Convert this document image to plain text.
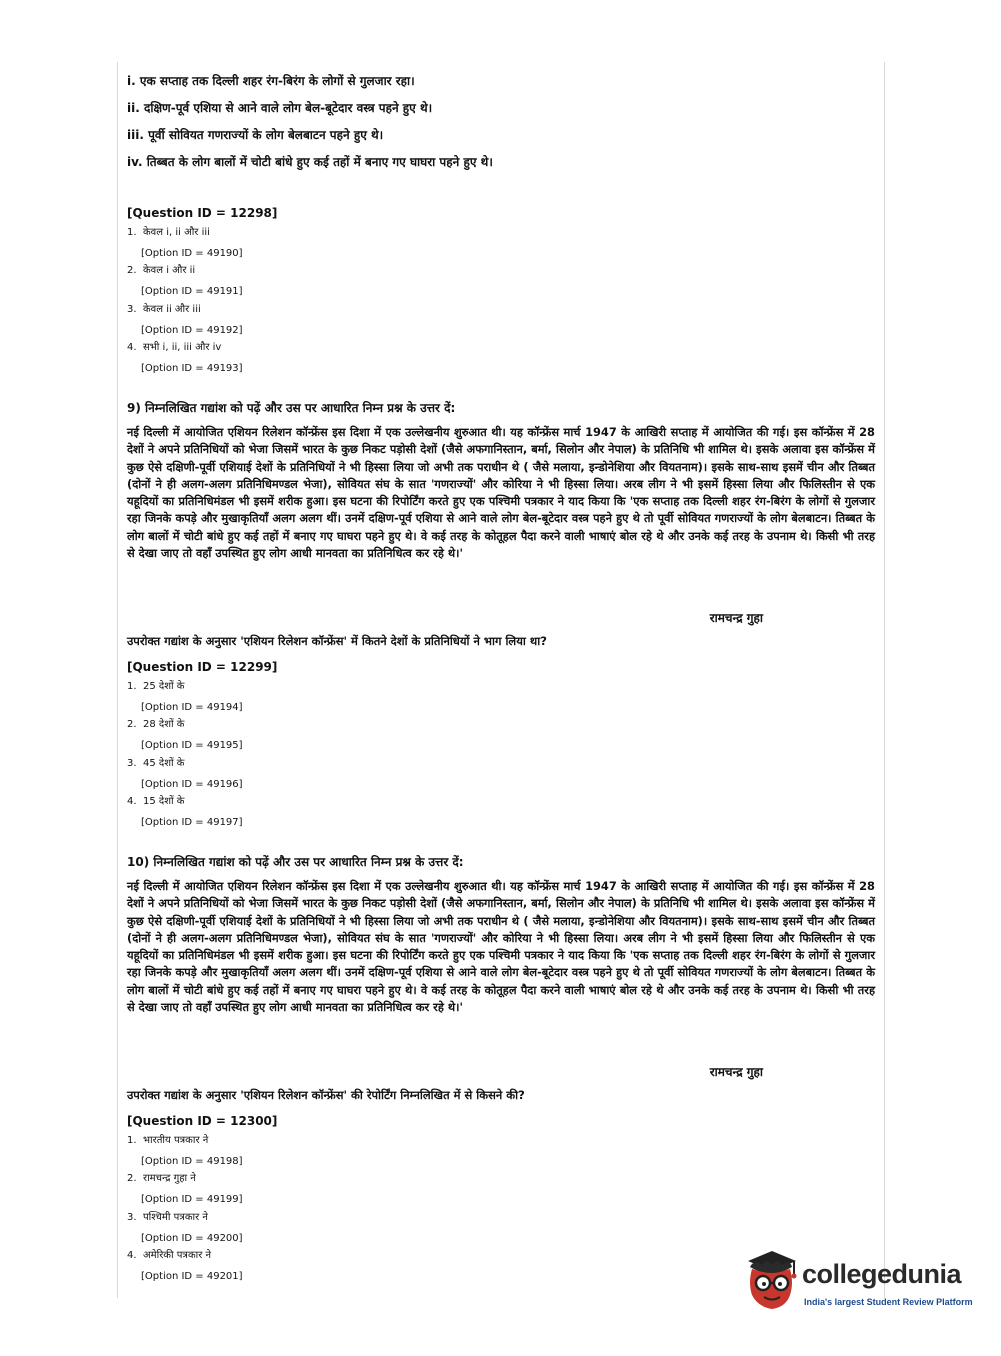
i. एक सप्ताह तक दिल्ली शहर रंग-बिरंग के लोगों से गुलजार रहा।
ii. दक्षिण-पूर्व एशिया से आने वाले लोग बेल-बूटेदार वस्त्र पहने हुए थे।
iii. पूर्वी सोवियत गणराज्यों के लोग बेलबाटन पहने हुए थे।
iv. तिब्बत के लोग बालों में चोटी बांधे हुए कई तहों में बनाए गए घाघरा पहने हुए थे।
[Question ID = 12298]
1. केवल i, ii और iii
[Option ID = 49190]
2. केवल i और ii
[Option ID = 49191]
3. केवल ii और iii
[Option ID = 49192]
4. सभी i, ii, iii और iv
[Option ID = 49193]
9) निम्नलिखित गद्यांश को पढ़ें और उस पर आधारित निम्न प्रश्न के उत्तर दें:
नई दिल्ली में आयोजित एशियन रिलेशन कॉन्फ्रेंस इस दिशा में एक उल्लेखनीय शुरुआत थी। यह कॉन्फ्रेंस मार्च 1947 के आखिरी सप्ताह में आयोजित की गई। इस कॉन्फ्रेंस में 28 देशों ने अपने प्रतिनिधियों को भेजा जिसमें भारत के कुछ निकट पड़ोसी देशों (जैसे अफगानिस्तान, बर्मा, सिलोन और नेपाल) के प्रतिनिधि भी शामिल थे। इसके अलावा इस कॉन्फ्रेंस में कुछ ऐसे दक्षिणी-पूर्वी एशियाई देशों के प्रतिनिधियों ने भी हिस्सा लिया जो अभी तक पराधीन थे ( जैसे मलाया, इन्डोनेशिया और वियतनाम)। इसके साथ-साथ इसमें चीन और तिब्बत (दोनों ने ही अलग-अलग प्रतिनिधिमण्डल भेजा), सोवियत संघ के सात 'गणराज्यों' और कोरिया ने भी हिस्सा लिया। अरब लीग ने भी इसमें हिस्सा लिया और फिलिस्तीन से एक यहूदियों का प्रतिनिधिमंडल भी इसमें शरीक हुआ। इस घटना की रिपोर्टिंग करते हुए एक पश्चिमी पत्रकार ने याद किया कि 'एक सप्ताह तक दिल्ली शहर रंग-बिरंग के लोगों से गुलजार रहा जिनके कपड़े और मुखाकृतियाँ अलग अलग थीं। उनमें दक्षिण-पूर्व एशिया से आने वाले लोग बेल-बूटेदार वस्त्र पहने हुए थे तो पूर्वी सोवियत गणराज्यों के लोग बेलबाटन। तिब्बत के लोग बालों में चोटी बांधे हुए कई तहों में बनाए गए घाघरा पहने हुए थे। वे कई तरह के कोतूहल पैदा करने वाली भाषाएं बोल रहे थे और उनके कई तरह के उपनाम थे। किसी भी तरह से देखा जाए तो वहाँ उपस्थित हुए लोग आधी मानवता का प्रतिनिधित्व कर रहे थे।'
रामचन्द्र गुहा
उपरोक्त गद्यांश के अनुसार 'एशियन रिलेशन कॉन्फ्रेंस' में कितने देशों के प्रतिनिधियों ने भाग लिया था?
[Question ID = 12299]
1. 25 देशों के
[Option ID = 49194]
2. 28 देशों के
[Option ID = 49195]
3. 45 देशों के
[Option ID = 49196]
4. 15 देशों के
[Option ID = 49197]
10) निम्नलिखित गद्यांश को पढ़ें और उस पर आधारित निम्न प्रश्न के उत्तर दें:
नई दिल्ली में आयोजित एशियन रिलेशन कॉन्फ्रेंस इस दिशा में एक उल्लेखनीय शुरुआत थी। यह कॉन्फ्रेंस मार्च 1947 के आखिरी सप्ताह में आयोजित की गई। इस कॉन्फ्रेंस में 28 देशों ने अपने प्रतिनिधियों को भेजा जिसमें भारत के कुछ निकट पड़ोसी देशों (जैसे अफगानिस्तान, बर्मा, सिलोन और नेपाल) के प्रतिनिधि भी शामिल थे। इसके अलावा इस कॉन्फ्रेंस में कुछ ऐसे दक्षिणी-पूर्वी एशियाई देशों के प्रतिनिधियों ने भी हिस्सा लिया जो अभी तक पराधीन थे ( जैसे मलाया, इन्डोनेशिया और वियतनाम)। इसके साथ-साथ इसमें चीन और तिब्बत (दोनों ने ही अलग-अलग प्रतिनिधिमण्डल भेजा), सोवियत संघ के सात 'गणराज्यों' और कोरिया ने भी हिस्सा लिया। अरब लीग ने भी इसमें हिस्सा लिया और फिलिस्तीन से एक यहूदियों का प्रतिनिधिमंडल भी इसमें शरीक हुआ। इस घटना की रिपोर्टिंग करते हुए एक पश्चिमी पत्रकार ने याद किया कि 'एक सप्ताह तक दिल्ली शहर रंग-बिरंग के लोगों से गुलजार रहा जिनके कपड़े और मुखाकृतियाँ अलग अलग थीं। उनमें दक्षिण-पूर्व एशिया से आने वाले लोग बेल-बूटेदार वस्त्र पहने हुए थे तो पूर्वी सोवियत गणराज्यों के लोग बेलबाटन। तिब्बत के लोग बालों में चोटी बांधे हुए कई तहों में बनाए गए घाघरा पहने हुए थे। वे कई तरह के कोतूहल पैदा करने वाली भाषाएं बोल रहे थे और उनके कई तरह के उपनाम थे। किसी भी तरह से देखा जाए तो वहाँ उपस्थित हुए लोग आधी मानवता का प्रतिनिधित्व कर रहे थे।'
रामचन्द्र गुहा
उपरोक्त गद्यांश के अनुसार 'एशियन रिलेशन कॉन्फ्रेंस' की रेपोर्टिंग निम्नलिखित में से किसने की?
[Question ID = 12300]
1. भारतीय पत्रकार ने
[Option ID = 49198]
2. रामचन्द्र गुहा ने
[Option ID = 49199]
3. पश्चिमी पत्रकार ने
[Option ID = 49200]
4. अमेरिकी पत्रकार ने
[Option ID = 49201]	collegedunia
India's largest Student Review Platform
